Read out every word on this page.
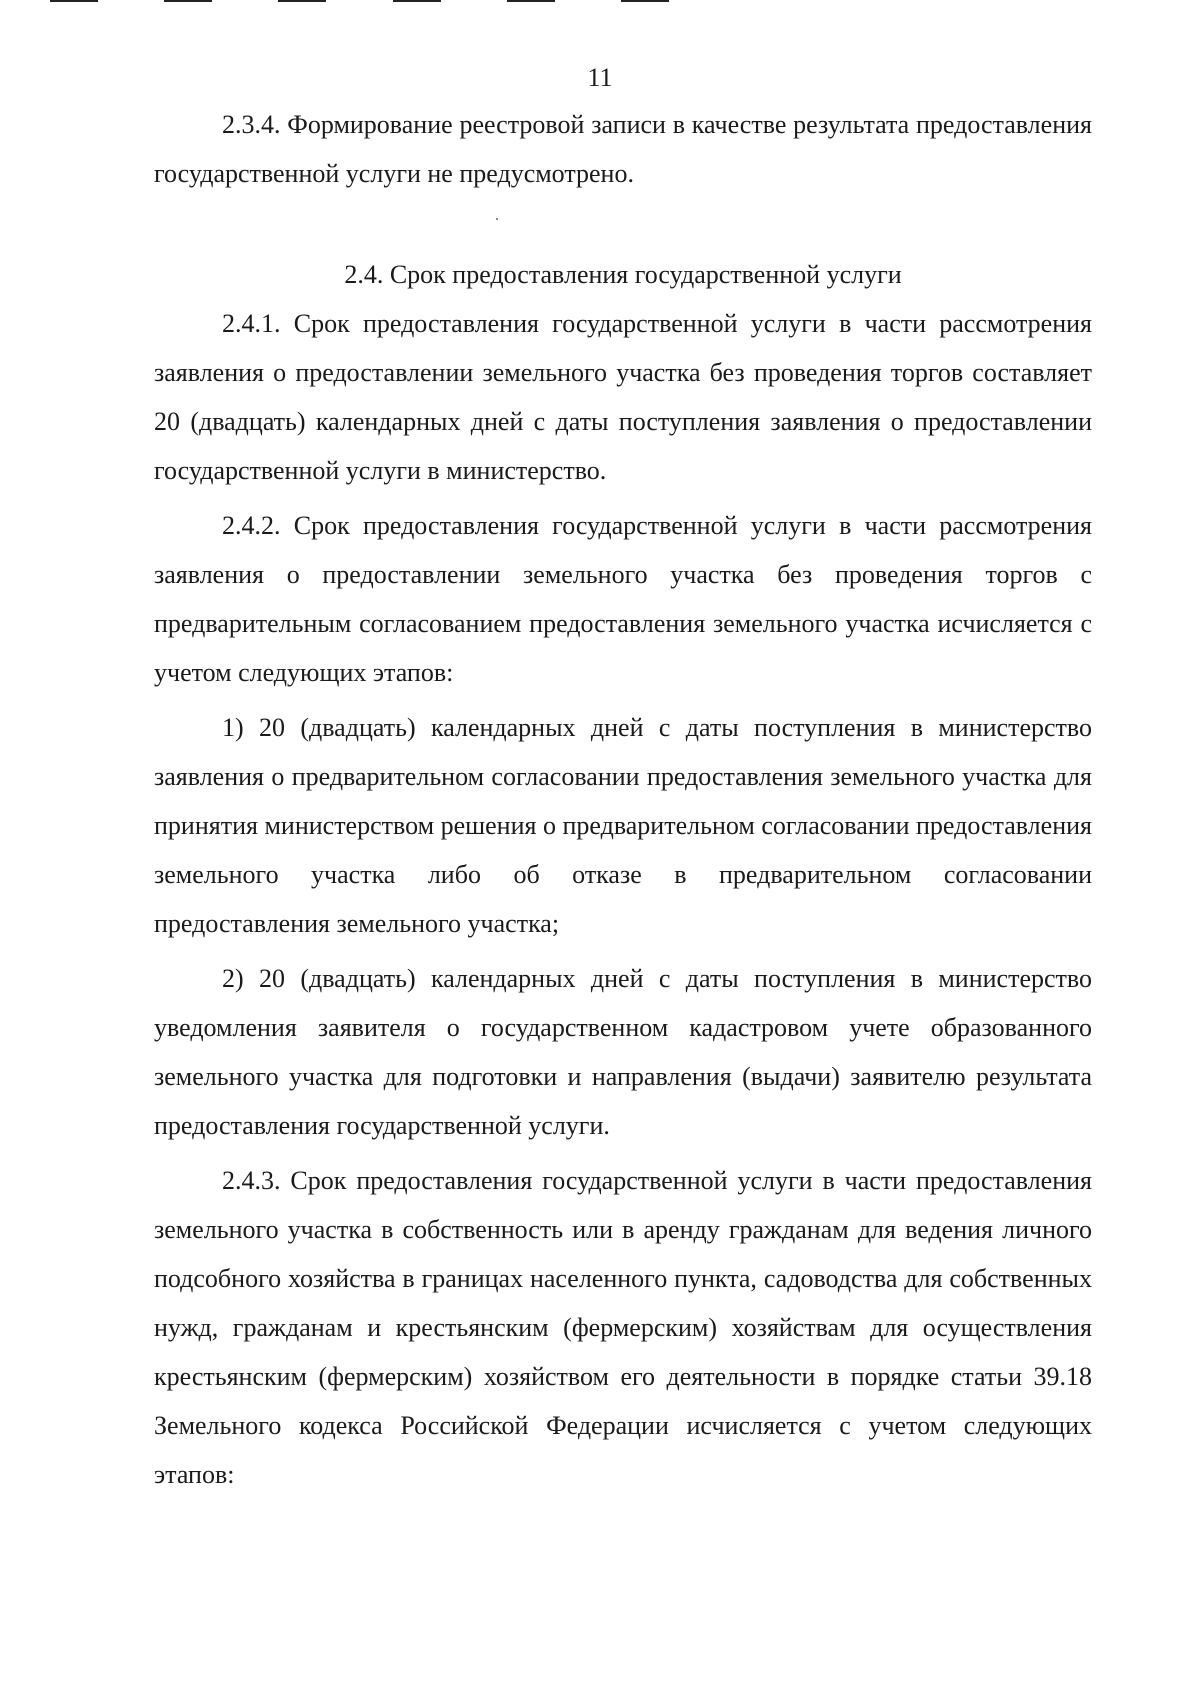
11

2.3.4. Формирование реестровой записи в качестве результата предоставления государственной услуги не предусмотрено.

2.4. Срок предоставления государственной услуги

2.4.1. Срок предоставления государственной услуги в части рассмотрения заявления о предоставлении земельного участка без проведения торгов составляет 20 (двадцать) календарных дней с даты поступления заявления о предоставлении государственной услуги в министерство.

2.4.2. Срок предоставления государственной услуги в части рассмотрения заявления о предоставлении земельного участка без проведения торгов с предварительным согласованием предоставления земельного участка исчисляется с учетом следующих этапов:

1) 20 (двадцать) календарных дней с даты поступления в министерство заявления о предварительном согласовании предоставления земельного участка для принятия министерством решения о предварительном согласовании предоставления земельного участка либо об отказе в предварительном согласовании предоставления земельного участка;

2) 20 (двадцать) календарных дней с даты поступления в министерство уведомления заявителя о государственном кадастровом учете образованного земельного участка для подготовки и направления (выдачи) заявителю результата предоставления государственной услуги.

2.4.3. Срок предоставления государственной услуги в части предоставления земельного участка в собственность или в аренду гражданам для ведения личного подсобного хозяйства в границах населенного пункта, садоводства для собственных нужд, гражданам и крестьянским (фермерским) хозяйствам для осуществления крестьянским (фермерским) хозяйством его деятельности в порядке статьи 39.18 Земельного кодекса Российской Федерации исчисляется с учетом следующих этапов:
